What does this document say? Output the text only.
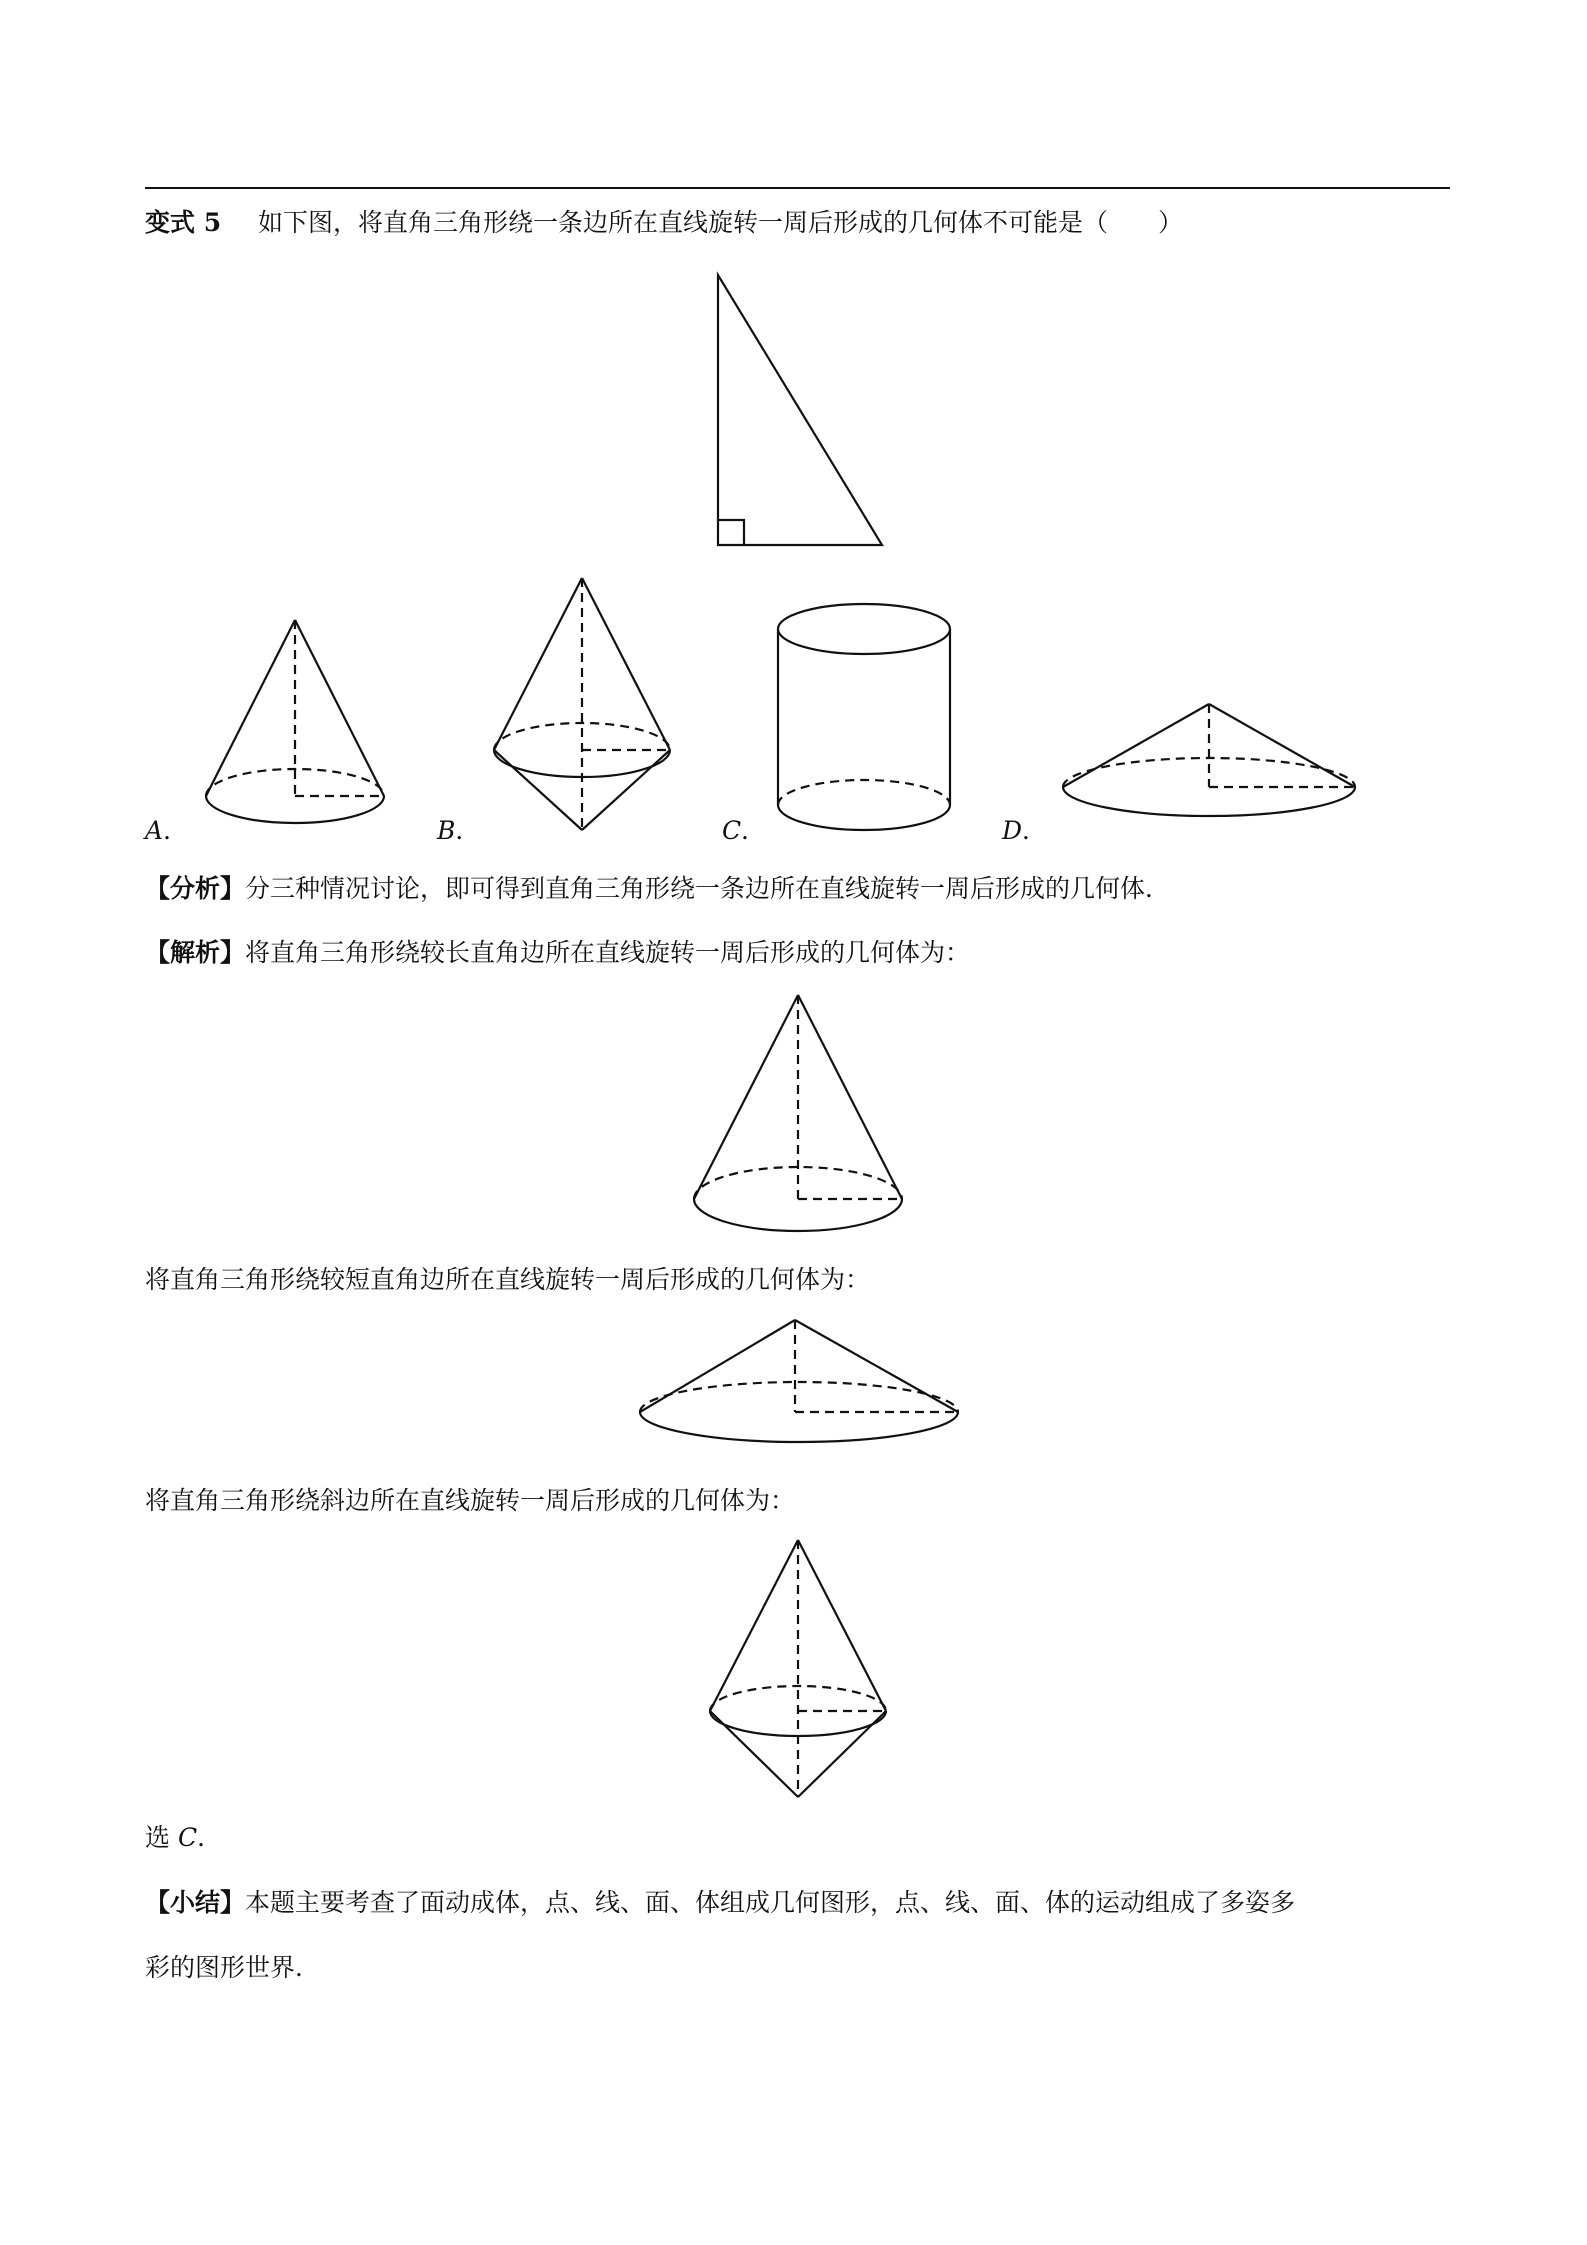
变式 5 如下图，将直角三角形绕一条边所在直线旋转一周后形成的几何体不可能是（　　）
A．	B．	C．	D．
【分析】分三种情况讨论，即可得到直角三角形绕一条边所在直线旋转一周后形成的几何体．
【解析】将直角三角形绕较长直角边所在直线旋转一周后形成的几何体为：
将直角三角形绕较短直角边所在直线旋转一周后形成的几何体为：
将直角三角形绕斜边所在直线旋转一周后形成的几何体为：
选 C．
【小结】本题主要考查了面动成体，点、线、面、体组成几何图形，点、线、面、体的运动组成了多姿多
彩的图形世界．
